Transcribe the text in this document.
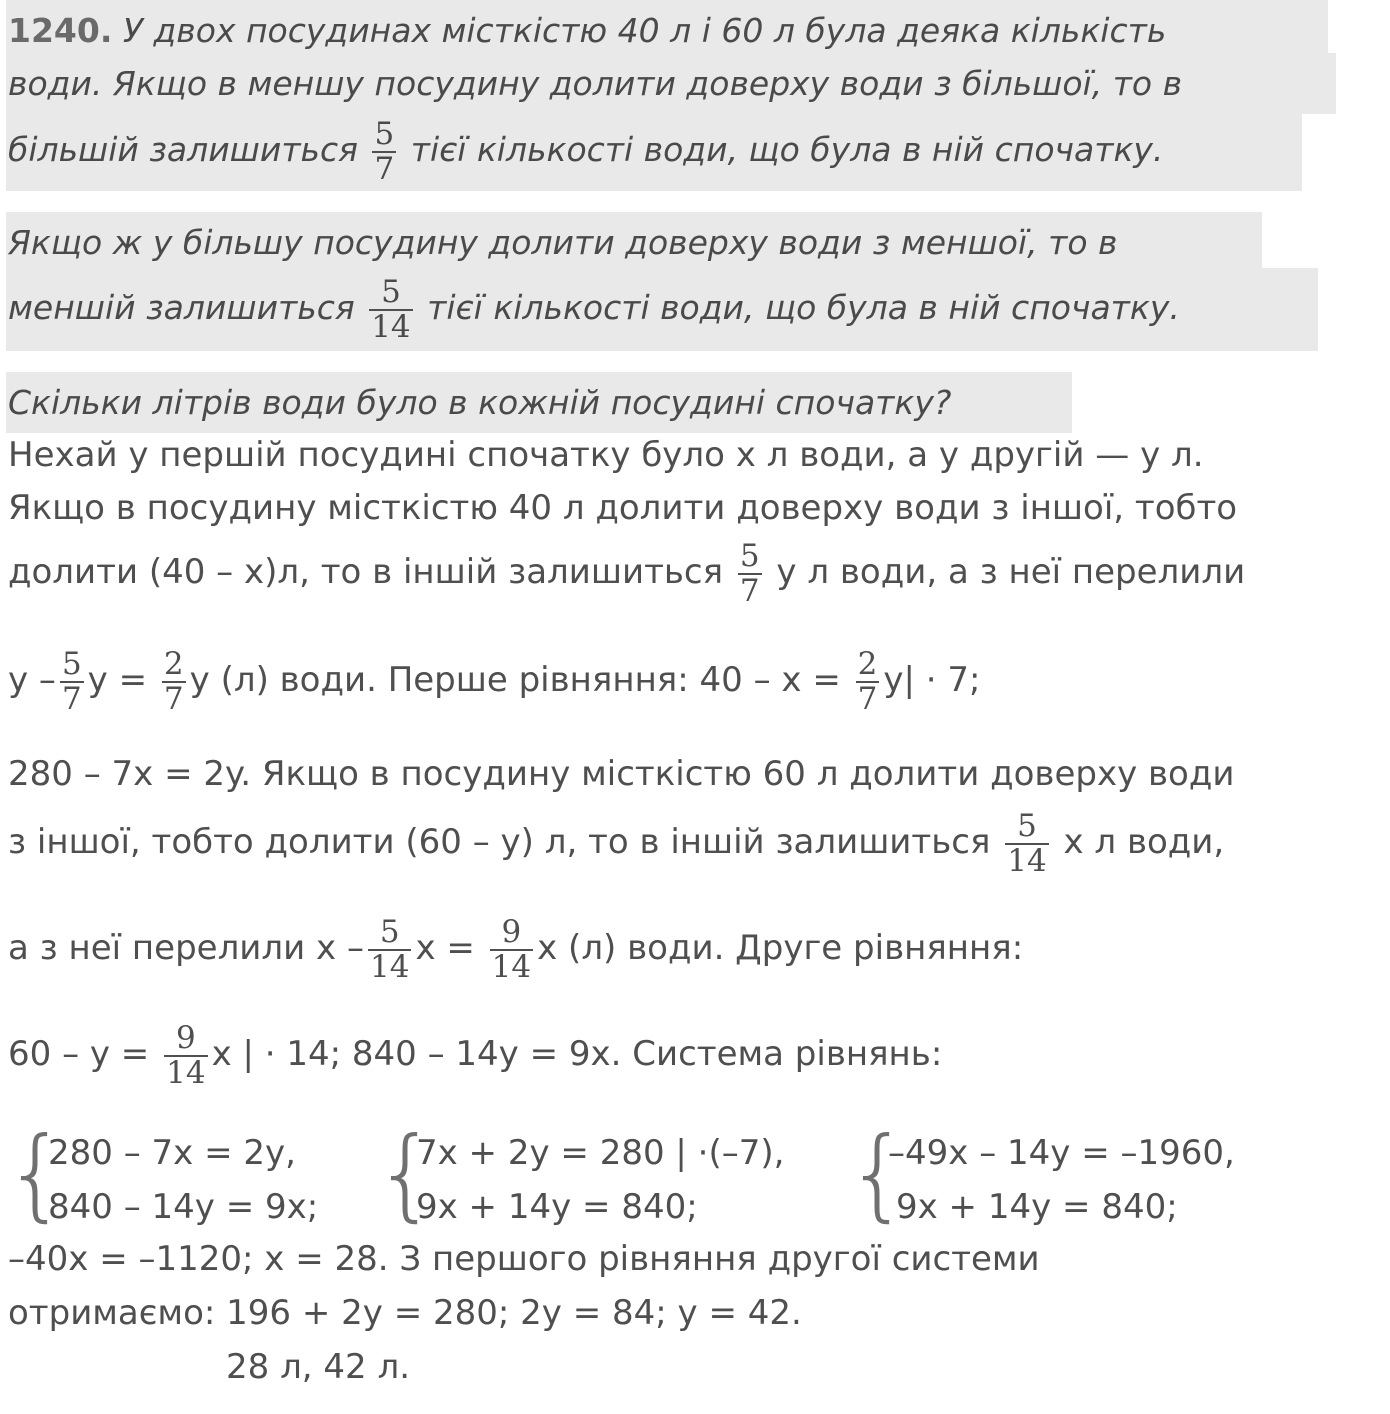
1240. У двох посудинах місткістю 40 л і 60 л була деяка кількість
води. Якщо в меншу посудину долити доверху води з більшої, то в
більшій залишиться $\frac{5}{7}$ тієї кількості води, що була в ній спочатку.
Якщо ж у більшу посудину долити доверху води з меншої, то в
меншій залишиться $\frac{5}{14}$ тієї кількості води, що була в ній спочатку.
Скільки літрів води було в кожній посудині спочатку?
Нехай у першій посудині спочатку було x л води, а у другій — y л.
Якщо в посудину місткістю 40 л долити доверху води з іншої, тобто
долити (40 – x)л, то в іншій залишиться $\frac{5}{7}$ y л води, а з неї перелили
y – $\frac{5}{7}$ $y = \frac{2}{7}$ y (л) води. Перше рівняння: $40 - x = \frac{2}{7} y| \cdot 7$;
280 – 7x = 2y. Якщо в посудину місткістю 60 л долити доверху води
з іншої, тобто долити (60 – y) л, то в іншій залишиться $\frac{5}{14}$ x л води,
а з неї перелили x – $\frac{5}{14}$ $x = \frac{9}{14}$ x (л) води. Друге рівняння:
$60 - y = \frac{9}{14}$ x | · 14; 840 – 14y = 9x. Система рівнянь:
{
280 – 7x = 2y,
840 – 14y = 9x; {
7x + 2y = 280 | ·(–7),
9x + 14y = 840; {
–49x – 14y = –1960,
9x + 14y = 840;
–40x = –1120; x = 28. З першого рівняння другої системи
отримаємо: 196 + 2y = 280; 2y = 84; y = 42.
28 л, 42 л.
